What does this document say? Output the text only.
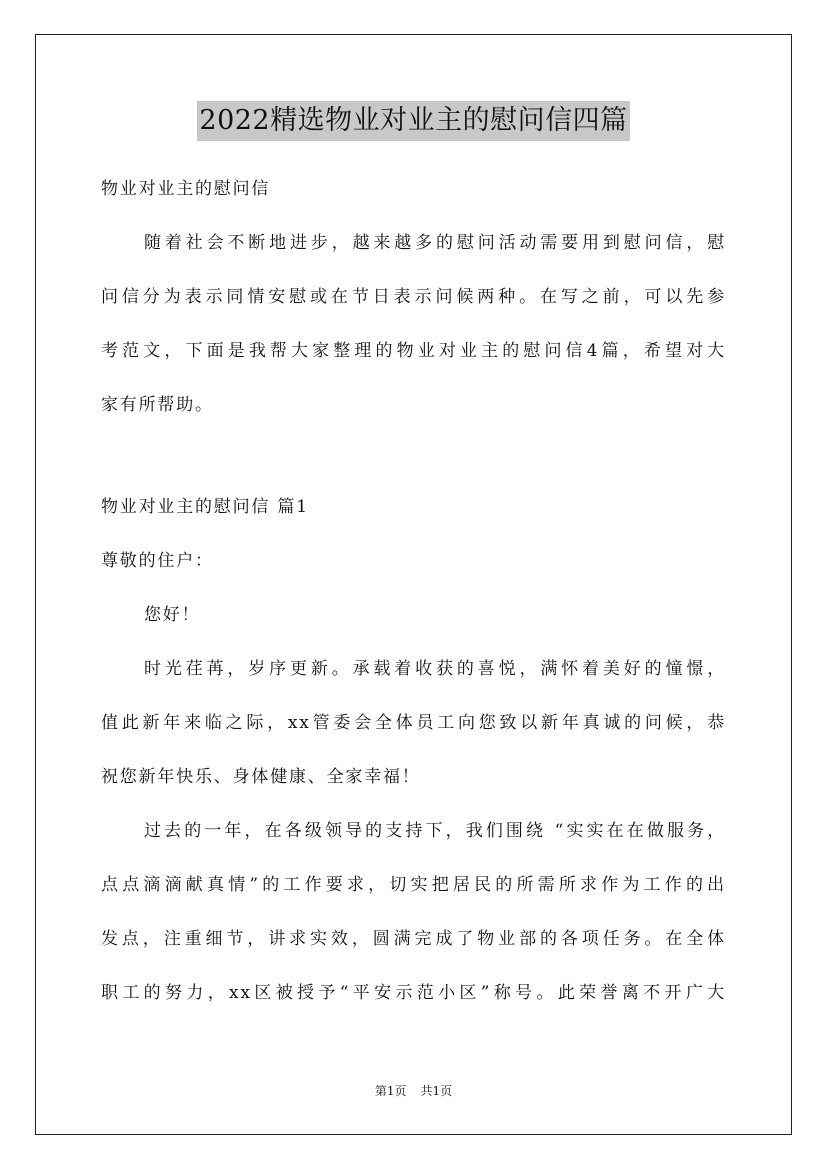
2022精选物业对业主的慰问信四篇

物业对业主的慰问信

随着社会不断地进步，越来越多的慰问活动需要用到慰问信，慰

问信分为表示同情安慰或在节日表示问候两种。在写之前，可以先参

考范文，下面是我帮大家整理的物业对业主的慰问信4篇，希望对大

家有所帮助。

物业对业主的慰问信 篇1

尊敬的住户：

您好！

时光荏苒，岁序更新。承载着收获的喜悦，满怀着美好的憧憬，

值此新年来临之际，xx管委会全体员工向您致以新年真诚的问候，恭

祝您新年快乐、身体健康、全家幸福！

过去的一年，在各级领导的支持下，我们围绕 “实实在在做服务，

点点滴滴献真情”的工作要求，切实把居民的所需所求作为工作的出

发点，注重细节，讲求实效，圆满完成了物业部的各项任务。在全体

职工的努力，xx区被授予“平安示范小区”称号。此荣誉离不开广大

第1页 共1页
